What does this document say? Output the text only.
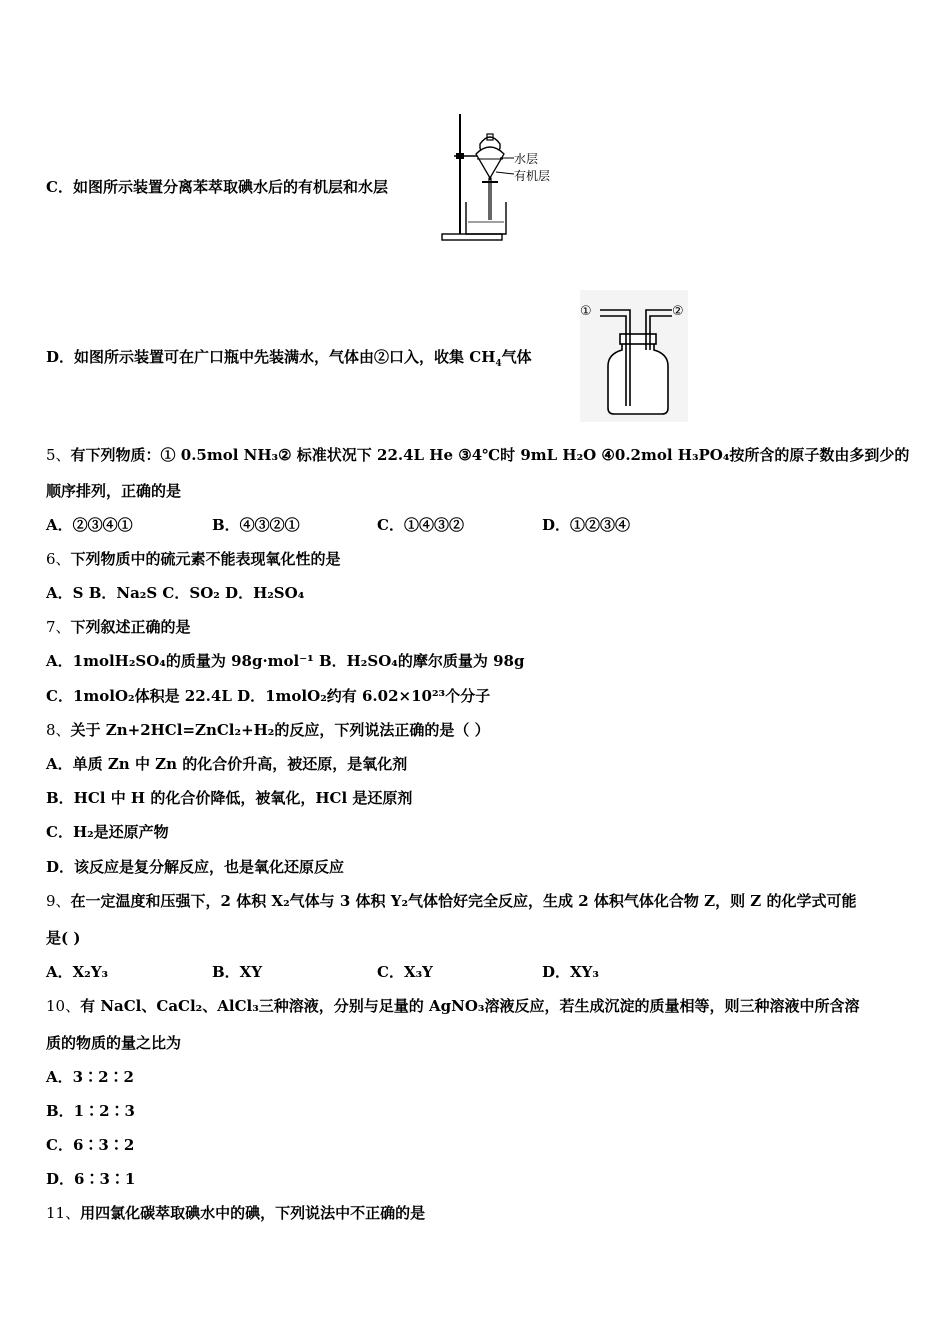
C．如图所示装置分离苯萃取碘水后的有机层和水层
水层
有机层
D．如图所示装置可在广口瓶中先装满水，气体由②口入，收集 $CH_4$气体
①	②
5、有下列物质：① 0.5mol NH₃② 标准状况下 22.4L He ③4℃时 9mL H₂O ④0.2mol H₃PO₄按所含的原子数由多到少的
顺序排列，正确的是
A．②③④①	B．④③②①	C．①④③②	D．①②③④
6、下列物质中的硫元素不能表现氧化性的是
A．S B．Na₂S C．SO₂ D．H₂SO₄
7、下列叙述正确的是
A．1molH₂SO₄的质量为 98g·mol⁻¹ B．H₂SO₄的摩尔质量为 98g
C．1molO₂体积是 22.4L D．1molO₂约有 6.02×10²³个分子
8、关于 Zn+2HCl=ZnCl₂+H₂的反应，下列说法正确的是（ ）
A．单质 Zn 中 Zn 的化合价升高，被还原，是氧化剂
B．HCl 中 H 的化合价降低，被氧化，HCl 是还原剂
C．H₂是还原产物
D．该反应是复分解反应，也是氧化还原反应
9、在一定温度和压强下，2 体积 X₂气体与 3 体积 Y₂气体恰好完全反应，生成 2 体积气体化合物 Z，则 Z 的化学式可能
是( )
A．X₂Y₃	B．XY	C．X₃Y	D．XY₃
10、有 NaCl、CaCl₂、AlCl₃三种溶液，分别与足量的 AgNO₃溶液反应，若生成沉淀的质量相等，则三种溶液中所含溶
质的物质的量之比为
A．3∶2∶2
B．1∶2∶3
C．6∶3∶2
D．6∶3∶1
11、用四氯化碳萃取碘水中的碘，下列说法中不正确的是
